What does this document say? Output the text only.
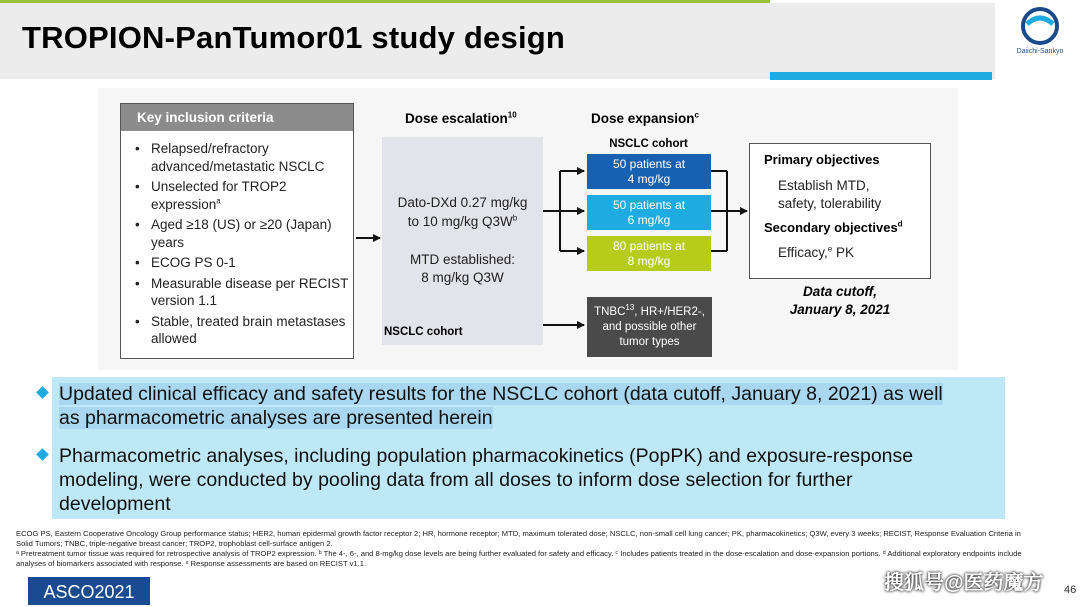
TROPION-PanTumor01 study design	Daiichi-Sankyo
Key inclusion criteria
• Relapsed/refractory advanced/metastatic NSCLC
• Unselected for TROP2 expression$^a$
• Aged ≥18 (US) or ≥20 (Japan) years
• ECOG PS 0-1
• Measurable disease per RECIST version 1.1
• Stable, treated brain metastases allowed
Dose escalation$^{10}$
Dato-DXd 0.27 mg/kg
to 10 mg/kg $Q3W^b$
MTD established:
8 mg/kg Q3W
NSCLC cohort
Dose expansion$^c$
NSCLC cohort
50 patients at
4 mg/kg
50 patients at
6 mg/kg
80 patients at
8 mg/kg
TNBC$^{13}$, HR+/HER2-, and possible other tumor types
Primary objectives
Establish MTD, safety, tolerability
Secondary objectives$^d$
Efficacy,$^e$ PK
Data cutoff,
January 8, 2021
Updated clinical efficacy and safety results for the NSCLC cohort (data cutoff, January 8, 2021) as well
as pharmacometric analyses are presented herein
Pharmacometric analyses, including population pharmacokinetics (PopPK) and exposure-response modeling, were conducted by pooling data from all doses to inform dose selection for further development
ECOG PS, Eastern Cooperative Oncology Group performance status; HER2, human epidermal growth factor receptor 2; HR, hormone receptor; MTD, maximum tolerated dose; NSCLC, non-small cell lung cancer; PK, pharmacokinetics; Q3W, every 3 weeks; RECIST, Response Evaluation Criteria in Solid Tumors; TNBC, triple-negative breast cancer; TROP2, trophoblast cell-surface antigen 2.
ᵃ Pretreatment tumor tissue was required for retrospective analysis of TROP2 expression. ᵇ The 4-, 6-, and 8-mg/kg dose levels are being further evaluated for safety and efficacy. ᶜ Includes patients treated in the dose-escalation and dose-expansion portions. ᵈ Additional exploratory endpoints include analyses of biomarkers associated with response. ᵉ Response assessments are based on RECIST v1.1.
ASCO2021	搜狐号@医药魔方 46
